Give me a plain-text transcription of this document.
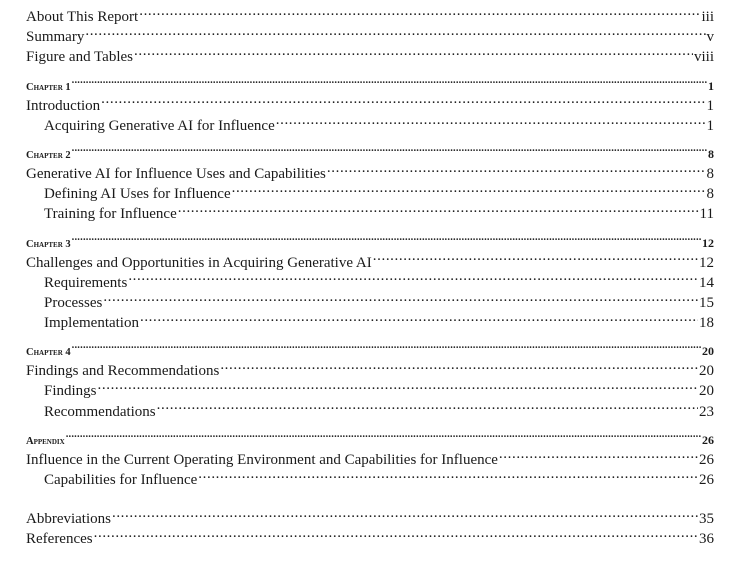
About This Report .....	iii
Summary .....	v
Figure and Tables .....	viii
Chapter 1 .....	1
Introduction .....	1
Acquiring Generative AI for Influence .....	1
Chapter 2 .....	8
Generative AI for Influence Uses and Capabilities .....	8
Defining AI Uses for Influence .....	8
Training for Influence .....	11
Chapter 3 .....	12
Challenges and Opportunities in Acquiring Generative AI .....	12
Requirements .....	14
Processes .....	15
Implementation .....	18
Chapter 4 .....	20
Findings and Recommendations .....	20
Findings .....	20
Recommendations .....	23
Appendix .....	26
Influence in the Current Operating Environment and Capabilities for Influence .....	26
Capabilities for Influence .....	26
Abbreviations .....	35
References .....	36
